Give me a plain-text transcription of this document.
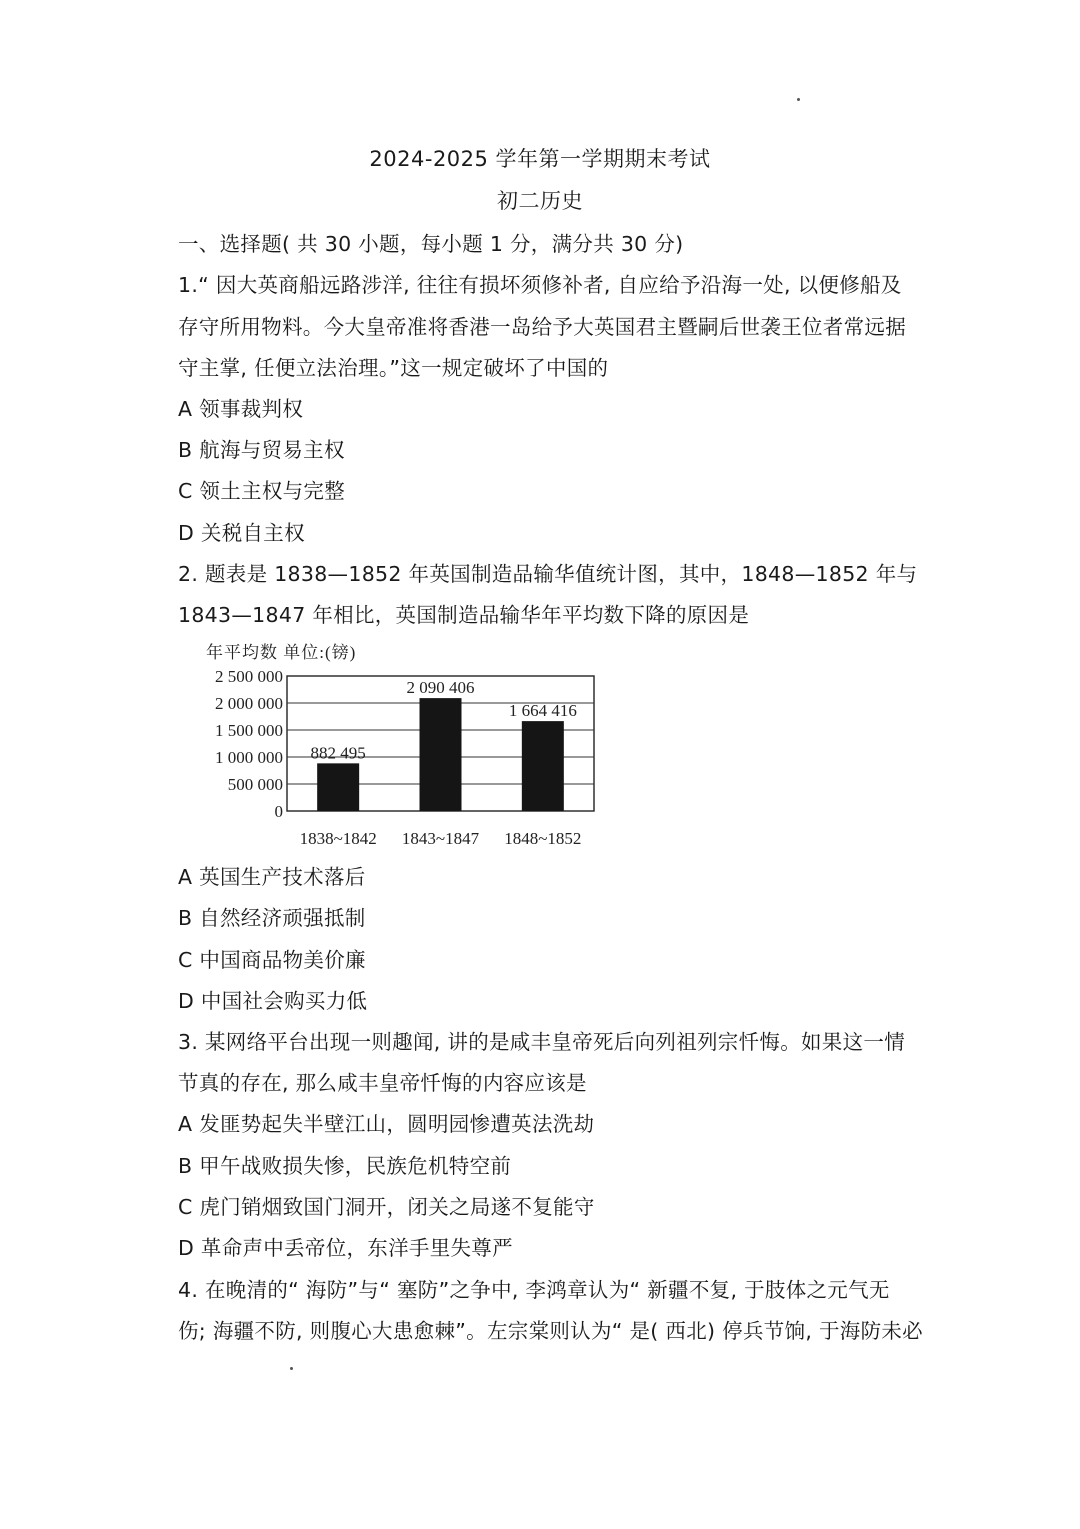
2024-2025 学年第一学期期末考试
初二历史
一、选择题( 共 30 小题，每小题 1 分，满分共 30 分)
1.“ 因大英商船远路涉洋, 往往有损坏须修补者, 自应给予沿海一处, 以便修船及
存守所用物料。今大皇帝准将香港一岛给予大英国君主暨嗣后世袭王位者常远据
守主掌, 任便立法治理。”这一规定破坏了中国的
A 领事裁判权
B 航海与贸易主权
C 领土主权与完整
D 关税自主权
2. 题表是 1838—1852 年英国制造品输华值统计图，其中，1848—1852 年与
1843—1847 年相比，英国制造品输华年平均数下降的原因是
年平均数 单位:(镑)
0
500 000
1 000 000
1 500 000
2 000 000
2 500 000
882 495
1838~1842
2 090 406
1843~1847
1 664 416
1848~1852
A 英国生产技术落后
B 自然经济顽强抵制
C 中国商品物美价廉
D 中国社会购买力低
3. 某网络平台出现一则趣闻, 讲的是咸丰皇帝死后向列祖列宗忏悔。如果这一情
节真的存在, 那么咸丰皇帝忏悔的内容应该是
A 发匪势起失半壁江山，圆明园惨遭英法洗劫
B 甲午战败损失惨，民族危机特空前
C 虎门销烟致国门洞开，闭关之局遂不复能守
D 革命声中丢帝位，东洋手里失尊严
4. 在晚清的“ 海防”与“ 塞防”之争中, 李鸿章认为“ 新疆不复, 于肢体之元气无
伤; 海疆不防, 则腹心大患愈棘”。左宗棠则认为“ 是( 西北) 停兵节饷, 于海防未必
